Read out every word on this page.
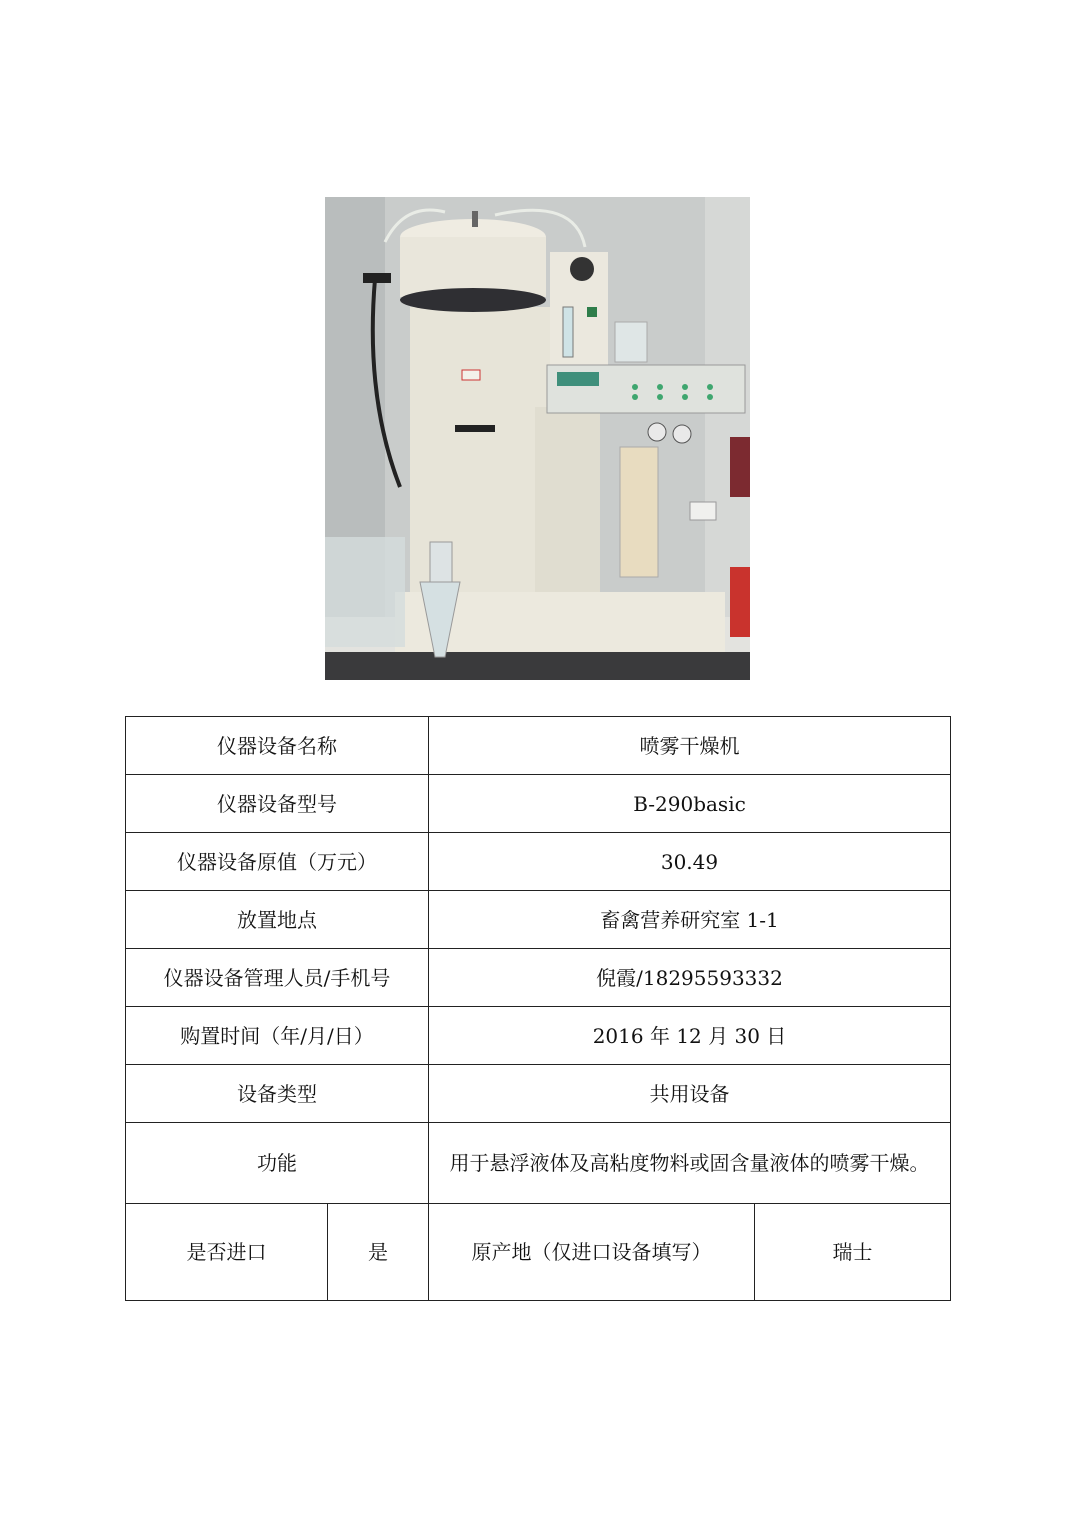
仪器设备名称		喷雾干燥机	
仪器设备型号		B-290basic	
仪器设备原值（万元）		30.49	
放置地点		畜禽营养研究室 1-1	
仪器设备管理人员/手机号		倪霞/18295593332	
购置时间（年/月/日）		2016 年 12 月 30 日	
设备类型		共用设备	
功能		用于悬浮液体及高粘度物料或固含量液体的喷雾干燥。	
是否进口	是	原产地（仅进口设备填写）	瑞士
